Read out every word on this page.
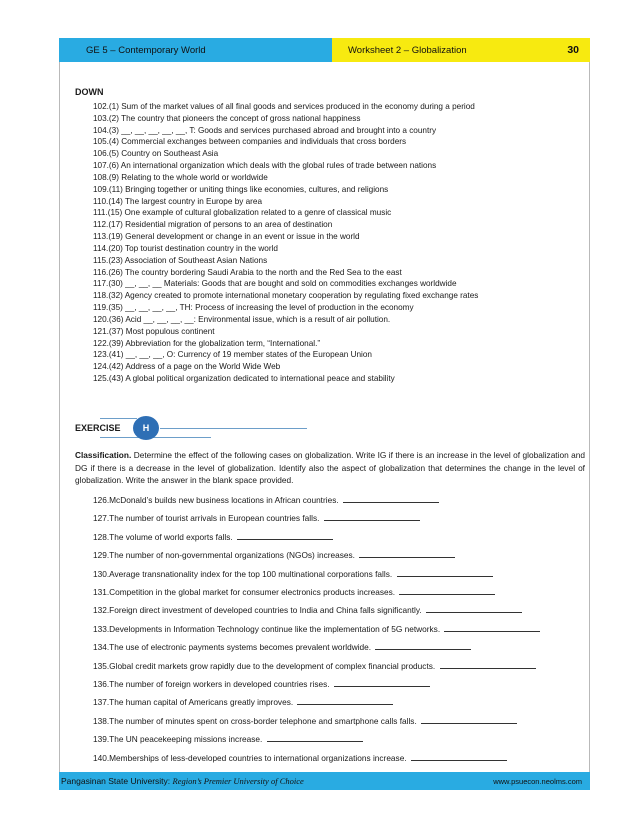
GE 5 – Contemporary World	Worksheet 2 – Globalization	30
DOWN
102.(1) Sum of the market values of all final goods and services produced in the economy during a period
103.(2) The country that pioneers the concept of gross national happiness
104.(3) __, __, __, __, __, T: Goods and services purchased abroad and brought into a country
105.(4) Commercial exchanges between companies and individuals that cross borders
106.(5) Country on Southeast Asia
107.(6) An international organization which deals with the global rules of trade between nations
108.(9) Relating to the whole world or worldwide
109.(11) Bringing together or uniting things like economies, cultures, and religions
110.(14) The largest country in Europe by area
111.(15) One example of cultural globalization related to a genre of classical music
112.(17) Residential migration of persons to an area of destination
113.(19) General development or change in an event or issue in the world
114.(20) Top tourist destination country in the world
115.(23) Association of Southeast Asian Nations
116.(26) The country bordering Saudi Arabia to the north and the Red Sea to the east
117.(30) __, __, __ Materials: Goods that are bought and sold on commodities exchanges worldwide
118.(32) Agency created to promote international monetary cooperation by regulating fixed exchange rates
119.(35) __, __, __, __, TH: Process of increasing the level of production in the economy
120.(36) Acid __, __, __, __: Environmental issue, which is a result of air pollution.
121.(37) Most populous continent
122.(39) Abbreviation for the globalization term, “International.”
123.(41) __, __, __, O: Currency of 19 member states of the European Union
124.(42) Address of a page on the World Wide Web
125.(43) A global political organization dedicated to international peace and stability
EXERCISE	H

Classification. Determine the effect of the following cases on globalization. Write IG if there is an increase in the level of globalization and DG if there is a decrease in the level of globalization. Identify also the aspect of globalization that determines the change in the level of globalization. Write the answer in the blank space provided.

126.McDonald’s builds new business locations in African countries.
127.The number of tourist arrivals in European countries falls.
128.The volume of world exports falls.
129.The number of non-governmental organizations (NGOs) increases.
130.Average transnationality index for the top 100 multinational corporations falls.
131.Competition in the global market for consumer electronics products increases.
132.Foreign direct investment of developed countries to India and China falls significantly.
133.Developments in Information Technology continue like the implementation of 5G networks.
134.The use of electronic payments systems becomes prevalent worldwide.
135.Global credit markets grow rapidly due to the development of complex financial products.
136.The number of foreign workers in developed countries rises.
137.The human capital of Americans greatly improves.
138.The number of minutes spent on cross-border telephone and smartphone calls falls.
139.The UN peacekeeping missions increase.
140.Memberships of less-developed countries to international organizations increase.
Pangasinan State University: Region’s Premier University of Choice	www.psuecon.neolms.com
